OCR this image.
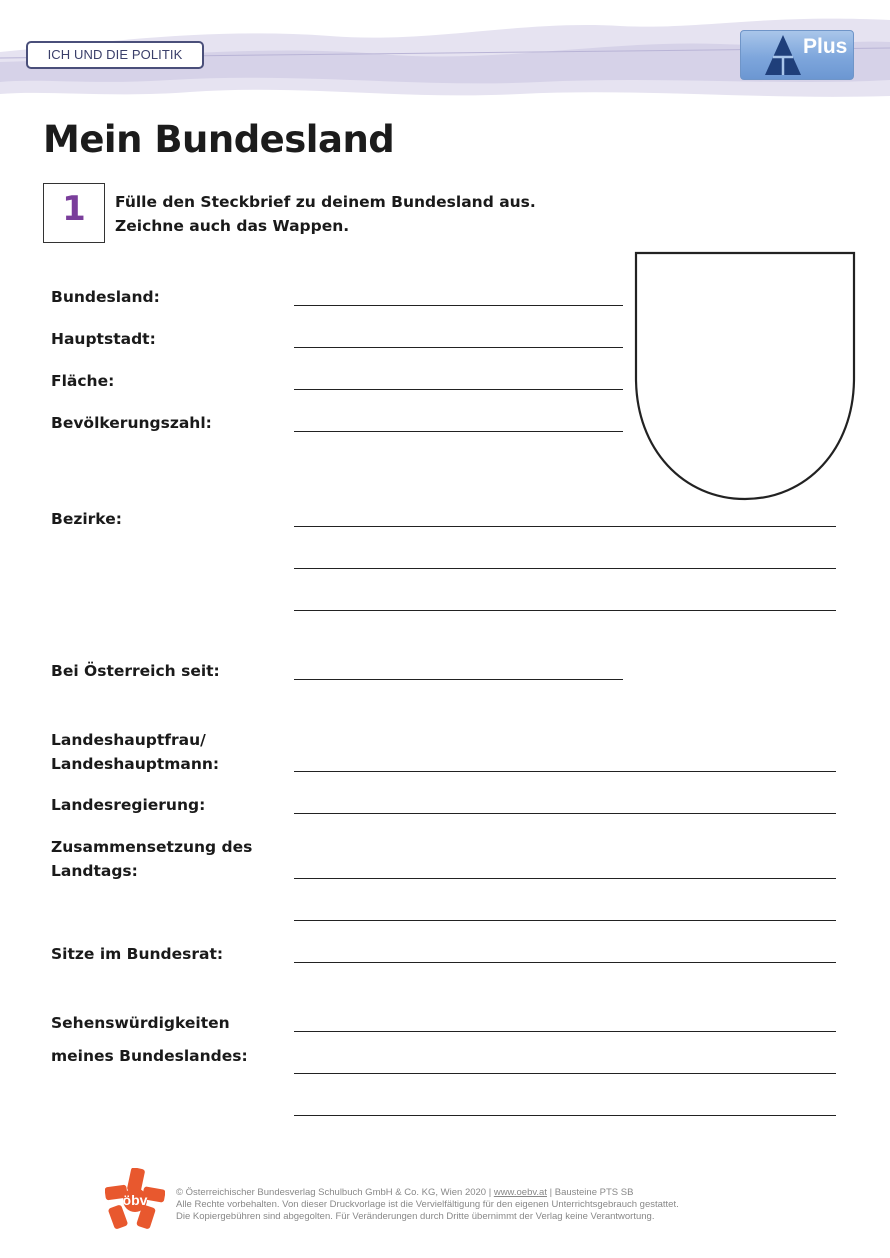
ICH UND DIE POLITIK	Plus
Mein Bundesland
1	Fülle den Steckbrief zu deinem Bundesland aus.
Zeichne auch das Wappen.
Bundesland:
Hauptstadt:
Fläche:
Bevölkerungszahl:
Bezirke:
Bei Österreich seit:
Landeshauptfrau/
Landeshauptmann:
Landesregierung:
Zusammensetzung des
Landtags:
Sitze im Bundesrat:
Sehenswürdigkeiten
meines Bundeslandes:
öbv	© Österreichischer Bundesverlag Schulbuch GmbH & Co. KG, Wien 2020 | www.oebv.at | Bausteine PTS SB
Alle Rechte vorbehalten. Von dieser Druckvorlage ist die Vervielfältigung für den eigenen Unterrichtsgebrauch gestattet.
Die Kopiergebühren sind abgegolten. Für Veränderungen durch Dritte übernimmt der Verlag keine Verantwortung.
